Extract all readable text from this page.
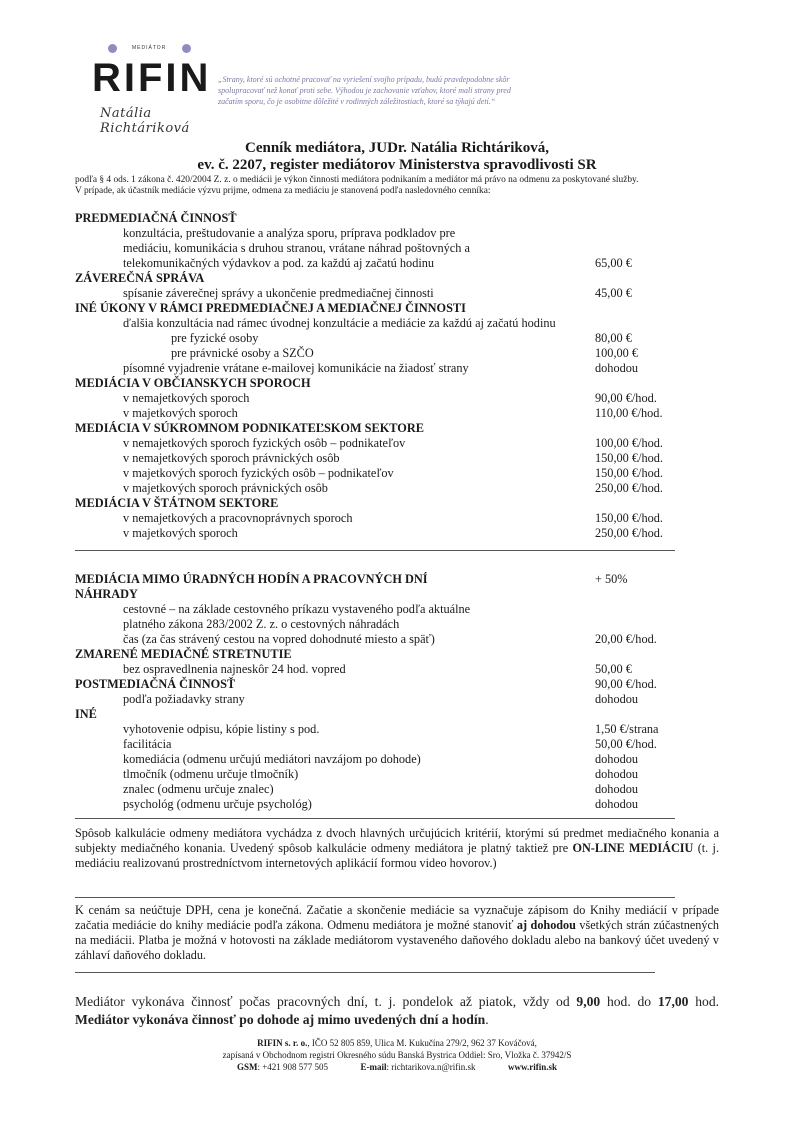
MEDIÁTOR
RIFIN
Natália Richtáriková
„Strany, ktoré sú ochotné pracovať na vyriešení svojho prípadu, budú pravdepodobne skôr spolupracovať než konať proti sebe. Výhodou je zachovanie vzťahov, ktoré mali strany pred začatím sporu, čo je osobitne dôležité v rodinných záležitostiach, ktoré sa týkajú detí.“
Cenník mediátora, JUDr. Natália Richtáriková,
ev. č. 2207, register mediátorov Ministerstva spravodlivosti SR
podľa § 4 ods. 1 zákona č. 420/2004 Z. z. o mediácii je výkon činnosti mediátora podnikaním a mediátor má právo na odmenu za poskytované služby.
V prípade, ak účastník mediácie výzvu prijme, odmena za mediáciu je stanovená podľa nasledovného cenníka:
PREDMEDIAČNÁ ČINNOSŤ
konzultácia, preštudovanie a analýza sporu, príprava podkladov pre
mediáciu, komunikácia s druhou stranou, vrátane náhrad poštovných a
telekomunikačných výdavkov a pod. za každú aj začatú hodinu	65,00 €
ZÁVEREČNÁ SPRÁVA
spísanie záverečnej správy a ukončenie predmediačnej činnosti	45,00 €
INÉ ÚKONY V RÁMCI PREDMEDIAČNEJ A MEDIAČNEJ ČINNOSTI
ďalšia konzultácia nad rámec úvodnej konzultácie a mediácie za každú aj začatú hodinu
pre fyzické osoby	80,00 €
pre právnické osoby a SZČO	100,00 €
písomné vyjadrenie vrátane e-mailovej komunikácie na žiadosť strany	dohodou
MEDIÁCIA V OBČIANSKYCH SPOROCH
v nemajetkových sporoch	90,00 €/hod.
v majetkových sporoch	110,00 €/hod.
MEDIÁCIA V SÚKROMNOM PODNIKATEĽSKOM SEKTORE
v nemajetkových sporoch fyzických osôb – podnikateľov	100,00 €/hod.
v nemajetkových sporoch právnických osôb	150,00 €/hod.
v majetkových sporoch fyzických osôb – podnikateľov	150,00 €/hod.
v majetkových sporoch právnických osôb	250,00 €/hod.
MEDIÁCIA V ŠTÁTNOM SEKTORE
v nemajetkových a pracovnoprávnych sporoch	150,00 €/hod.
v majetkových sporoch	250,00 €/hod.
MEDIÁCIA MIMO ÚRADNÝCH HODÍN A PRACOVNÝCH DNÍ	+ 50%
NÁHRADY
cestovné – na základe cestovného príkazu vystaveného podľa aktuálne
platného zákona 283/2002 Z. z. o cestovných náhradách
čas (za čas strávený cestou na vopred dohodnuté miesto a späť)	20,00 €/hod.
ZMARENÉ MEDIAČNÉ STRETNUTIE
bez ospravedlnenia najneskôr 24 hod. vopred	50,00 €
POSTMEDIAČNÁ ČINNOSŤ	90,00 €/hod.
podľa požiadavky strany	dohodou
INÉ
vyhotovenie odpisu, kópie listiny s pod.	1,50 €/strana
facilitácia	50,00 €/hod.
komediácia (odmenu určujú mediátori navzájom po dohode)	dohodou
tlmočník (odmenu určuje tlmočník)	dohodou
znalec (odmenu určuje znalec)	dohodou
psychológ (odmenu určuje psychológ)	dohodou
Spôsob kalkulácie odmeny mediátora vychádza z dvoch hlavných určujúcich kritérií, ktorými sú predmet mediačného konania a subjekty mediačného konania. Uvedený spôsob kalkulácie odmeny mediátora je platný taktiež pre ON-LINE MEDIÁCIU (t. j. mediáciu realizovanú prostredníctvom internetových aplikácií formou video hovorov.)
K cenám sa neúčtuje DPH, cena je konečná. Začatie a skončenie mediácie sa vyznačuje zápisom do Knihy mediácií v prípade začatia mediácie do knihy mediácie podľa zákona. Odmenu mediátora je možné stanoviť aj dohodou všetkých strán zúčastnených na mediácii. Platba je možná v hotovosti na základe mediátorom vystaveného daňového dokladu alebo na bankový účet uvedený v záhlaví daňového dokladu.
Mediátor vykonáva činnosť počas pracovných dní, t. j. pondelok až piatok, vždy od 9,00 hod. do 17,00 hod. Mediátor vykonáva činnosť po dohode aj mimo uvedených dní a hodín.
RIFIN s. r. o., IČO 52 805 859, Ulica M. Kukučína 279/2, 962 37 Kováčová,
zapísaná v Obchodnom registri Okresného súdu Banská Bystrica Oddiel: Sro, Vložka č. 37942/S
GSM: +421 908 577 505	E-mail: richtarikova.n@rifin.sk	www.rifin.sk
